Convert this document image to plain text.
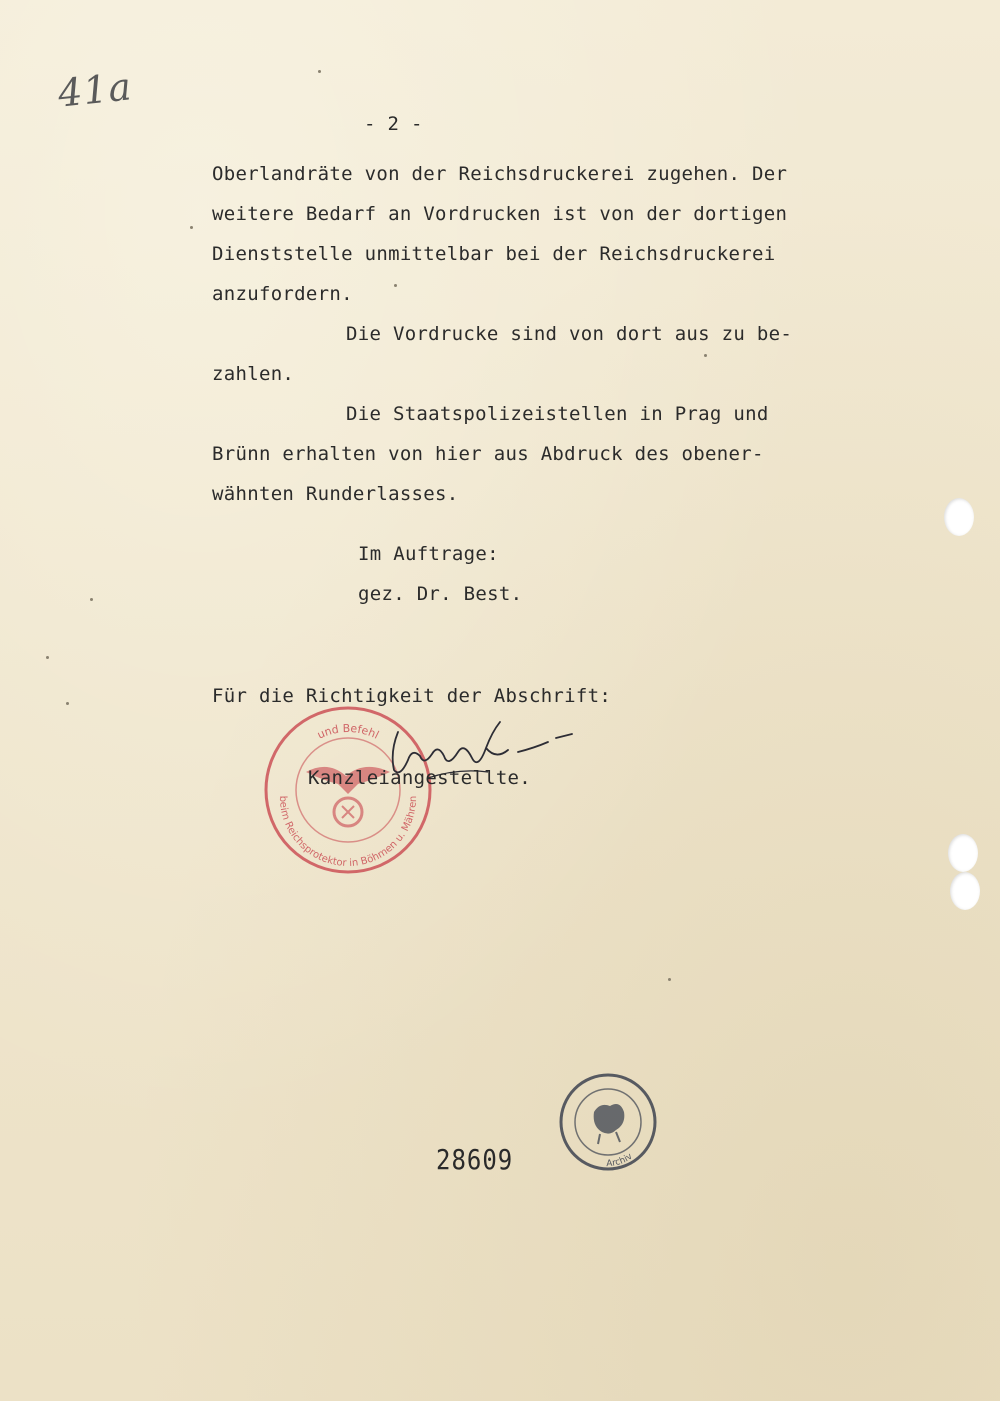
41a
- 2 -
Oberlandräte von der Reichsdruckerei zugehen. Der
weitere Bedarf an Vordrucken ist von der dortigen
Dienststelle unmittelbar bei der Reichsdruckerei
anzufordern.
Die Vordrucke sind von dort aus zu be-
zahlen.
Die Staatspolizeistellen in Prag und
Brünn erhalten von hier aus Abdruck des obener-
wähnten Runderlasses.
Im Auftrage:
gez. Dr. Best.
Für die Richtigkeit der Abschrift:
und Befehl
beim Reichsprotektor in Böhmen u. Mähren
Kanzleiangestellte.
Archiv
28609
